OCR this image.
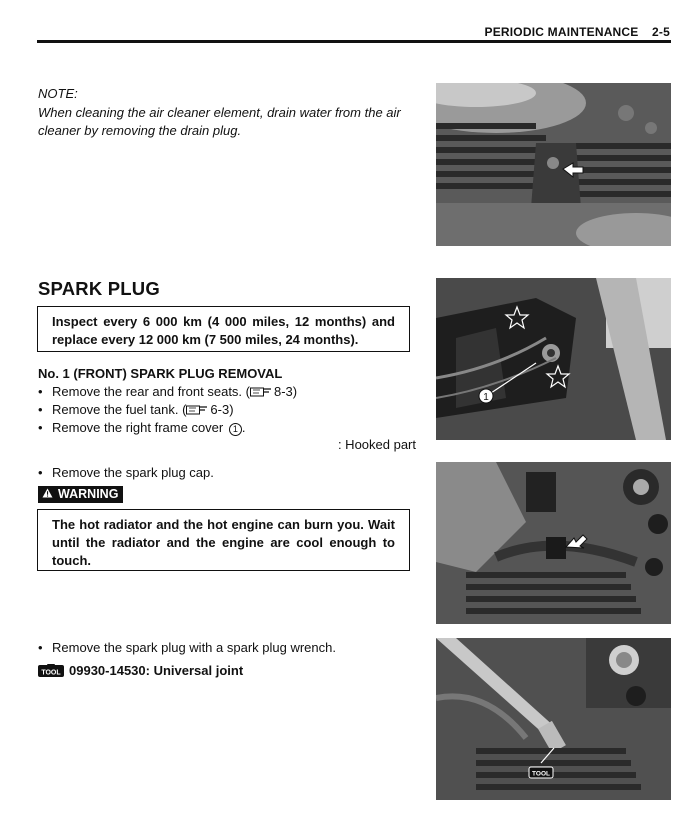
PERIODIC MAINTENANCE 2-5
NOTE:
When cleaning the air cleaner element, drain water from the air cleaner by removing the drain plug.
SPARK PLUG
Inspect every 6 000 km (4 000 miles, 12 months) and replace every 12 000 km (7 500 miles, 24 months).
No. 1 (FRONT) SPARK PLUG REMOVAL
• Remove the rear and front seats. ( 8-3)
• Remove the fuel tank. ( 6-3)
• Remove the right frame cover 1 .
: Hooked part
• Remove the spark plug cap.
WARNING
The hot radiator and the hot engine can burn you. Wait until the radiator and the engine are cool enough to touch.
• Remove the spark plug with a spark plug wrench.
TOOL 09930-14530: Universal joint
1
TOOL
